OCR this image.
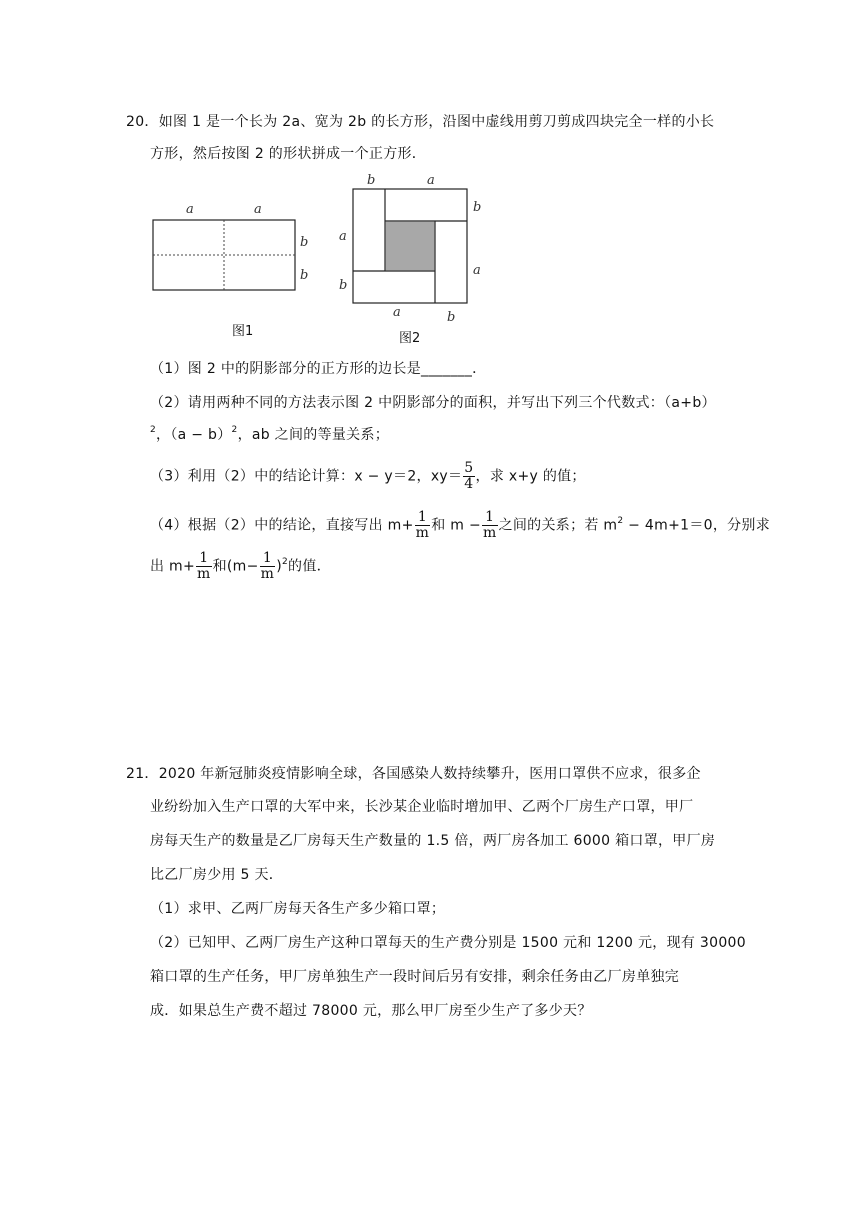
20．如图 1 是一个长为 2a、宽为 2b 的长方形，沿图中虚线用剪刀剪成四块完全一样的小长
方形，然后按图 2 的形状拼成一个正方形．
a	a
b
b
图1
b	a
b
a
a
b
a	b
图2
（1）图 2 中的阴影部分的正方形的边长是_______．
（2）请用两种不同的方法表示图 2 中阴影部分的面积，并写出下列三个代数式：（a+b）
$^2$，$(a - b)^2$，ab 之间的等量关系；
（3）利用（2）中的结论计算：x − y＝2，$xy= \frac{5}{4}$ ，求 x+y 的值；
（4）根据（2）中的结论，直接写出 $m+ \frac{1}{m}$ 和 $m - \frac{1}{m}$ 之间的关系；若 $m^2 - 4m+1=0$，分别求
出 $m+ \frac{1}{m}$ 和$(m- \frac{1}{m} )^2$的值．
21．2020 年新冠肺炎疫情影响全球，各国感染人数持续攀升，医用口罩供不应求，很多企
业纷纷加入生产口罩的大军中来，长沙某企业临时增加甲、乙两个厂房生产口罩，甲厂
房每天生产的数量是乙厂房每天生产数量的 1.5 倍，两厂房各加工 6000 箱口罩，甲厂房
比乙厂房少用 5 天．
（1）求甲、乙两厂房每天各生产多少箱口罩；
（2）已知甲、乙两厂房生产这种口罩每天的生产费分别是 1500 元和 1200 元，现有 30000
箱口罩的生产任务，甲厂房单独生产一段时间后另有安排，剩余任务由乙厂房单独完
成．如果总生产费不超过 78000 元，那么甲厂房至少生产了多少天？
